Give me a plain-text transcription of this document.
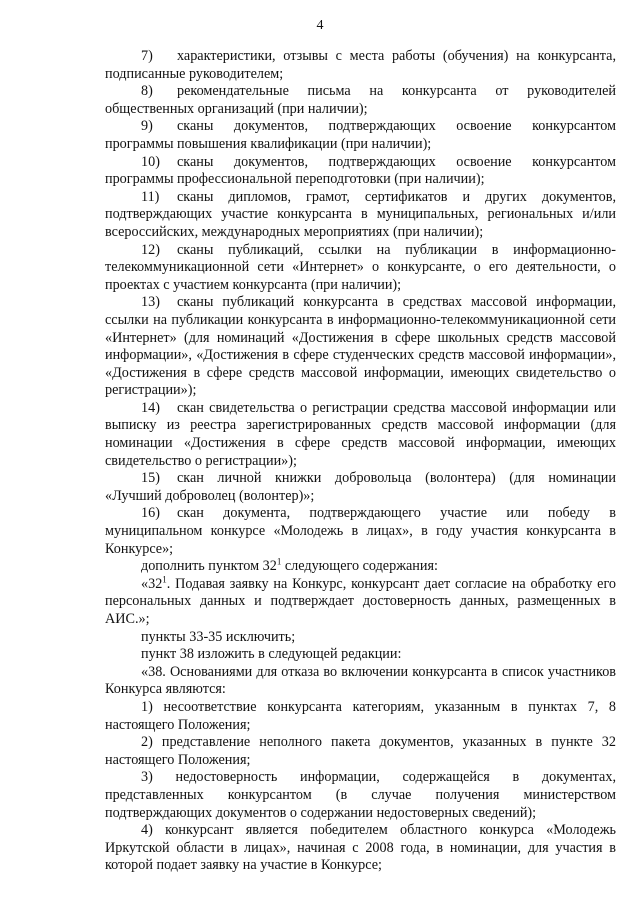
4

7) характеристики, отзывы с места работы (обучения) на конкурсанта, подписанные руководителем;

8) рекомендательные письма на конкурсанта от руководителей общественных организаций (при наличии);

9) сканы документов, подтверждающих освоение конкурсантом программы повышения квалификации (при наличии);

10) сканы документов, подтверждающих освоение конкурсантом программы профессиональной переподготовки (при наличии);

11) сканы дипломов, грамот, сертификатов и других документов, подтверждающих участие конкурсанта в муниципальных, региональных и/или всероссийских, международных мероприятиях (при наличии);

12) сканы публикаций, ссылки на публикации в информационно-телекоммуникационной сети «Интернет» о конкурсанте, о его деятельности, о проектах с участием конкурсанта (при наличии);

13) сканы публикаций конкурсанта в средствах массовой информации, ссылки на публикации конкурсанта в информационно-телекоммуникационной сети «Интернет» (для номинаций «Достижения в сфере школьных средств массовой информации», «Достижения в сфере студенческих средств массовой информации», «Достижения в сфере средств массовой информации, имеющих свидетельство о регистрации»);

14) скан свидетельства о регистрации средства массовой информации или выписку из реестра зарегистрированных средств массовой информации (для номинации «Достижения в сфере средств массовой информации, имеющих свидетельство о регистрации»);

15) скан личной книжки добровольца (волонтера) (для номинации «Лучший доброволец (волонтер)»;

16) скан документа, подтверждающего участие или победу в муниципальном конкурсе «Молодежь в лицах», в году участия конкурсанта в Конкурсе»;

дополнить пунктом $32^1$ следующего содержания:

«$32^1$. Подавая заявку на Конкурс, конкурсант дает согласие на обработку его персональных данных и подтверждает достоверность данных, размещенных в АИС.»;

пункты 33-35 исключить;

пункт 38 изложить в следующей редакции:

«38. Основаниями для отказа во включении конкурсанта в список участников Конкурса являются:

1) несоответствие конкурсанта категориям, указанным в пунктах 7, 8 настоящего Положения;

2) представление неполного пакета документов, указанных в пункте 32 настоящего Положения;

3) недостоверность информации, содержащейся в документах, представленных конкурсантом (в случае получения министерством подтверждающих документов о содержании недостоверных сведений);

4) конкурсант является победителем областного конкурса «Молодежь Иркутской области в лицах», начиная с 2008 года, в номинации, для участия в которой подает заявку на участие в Конкурсе;
